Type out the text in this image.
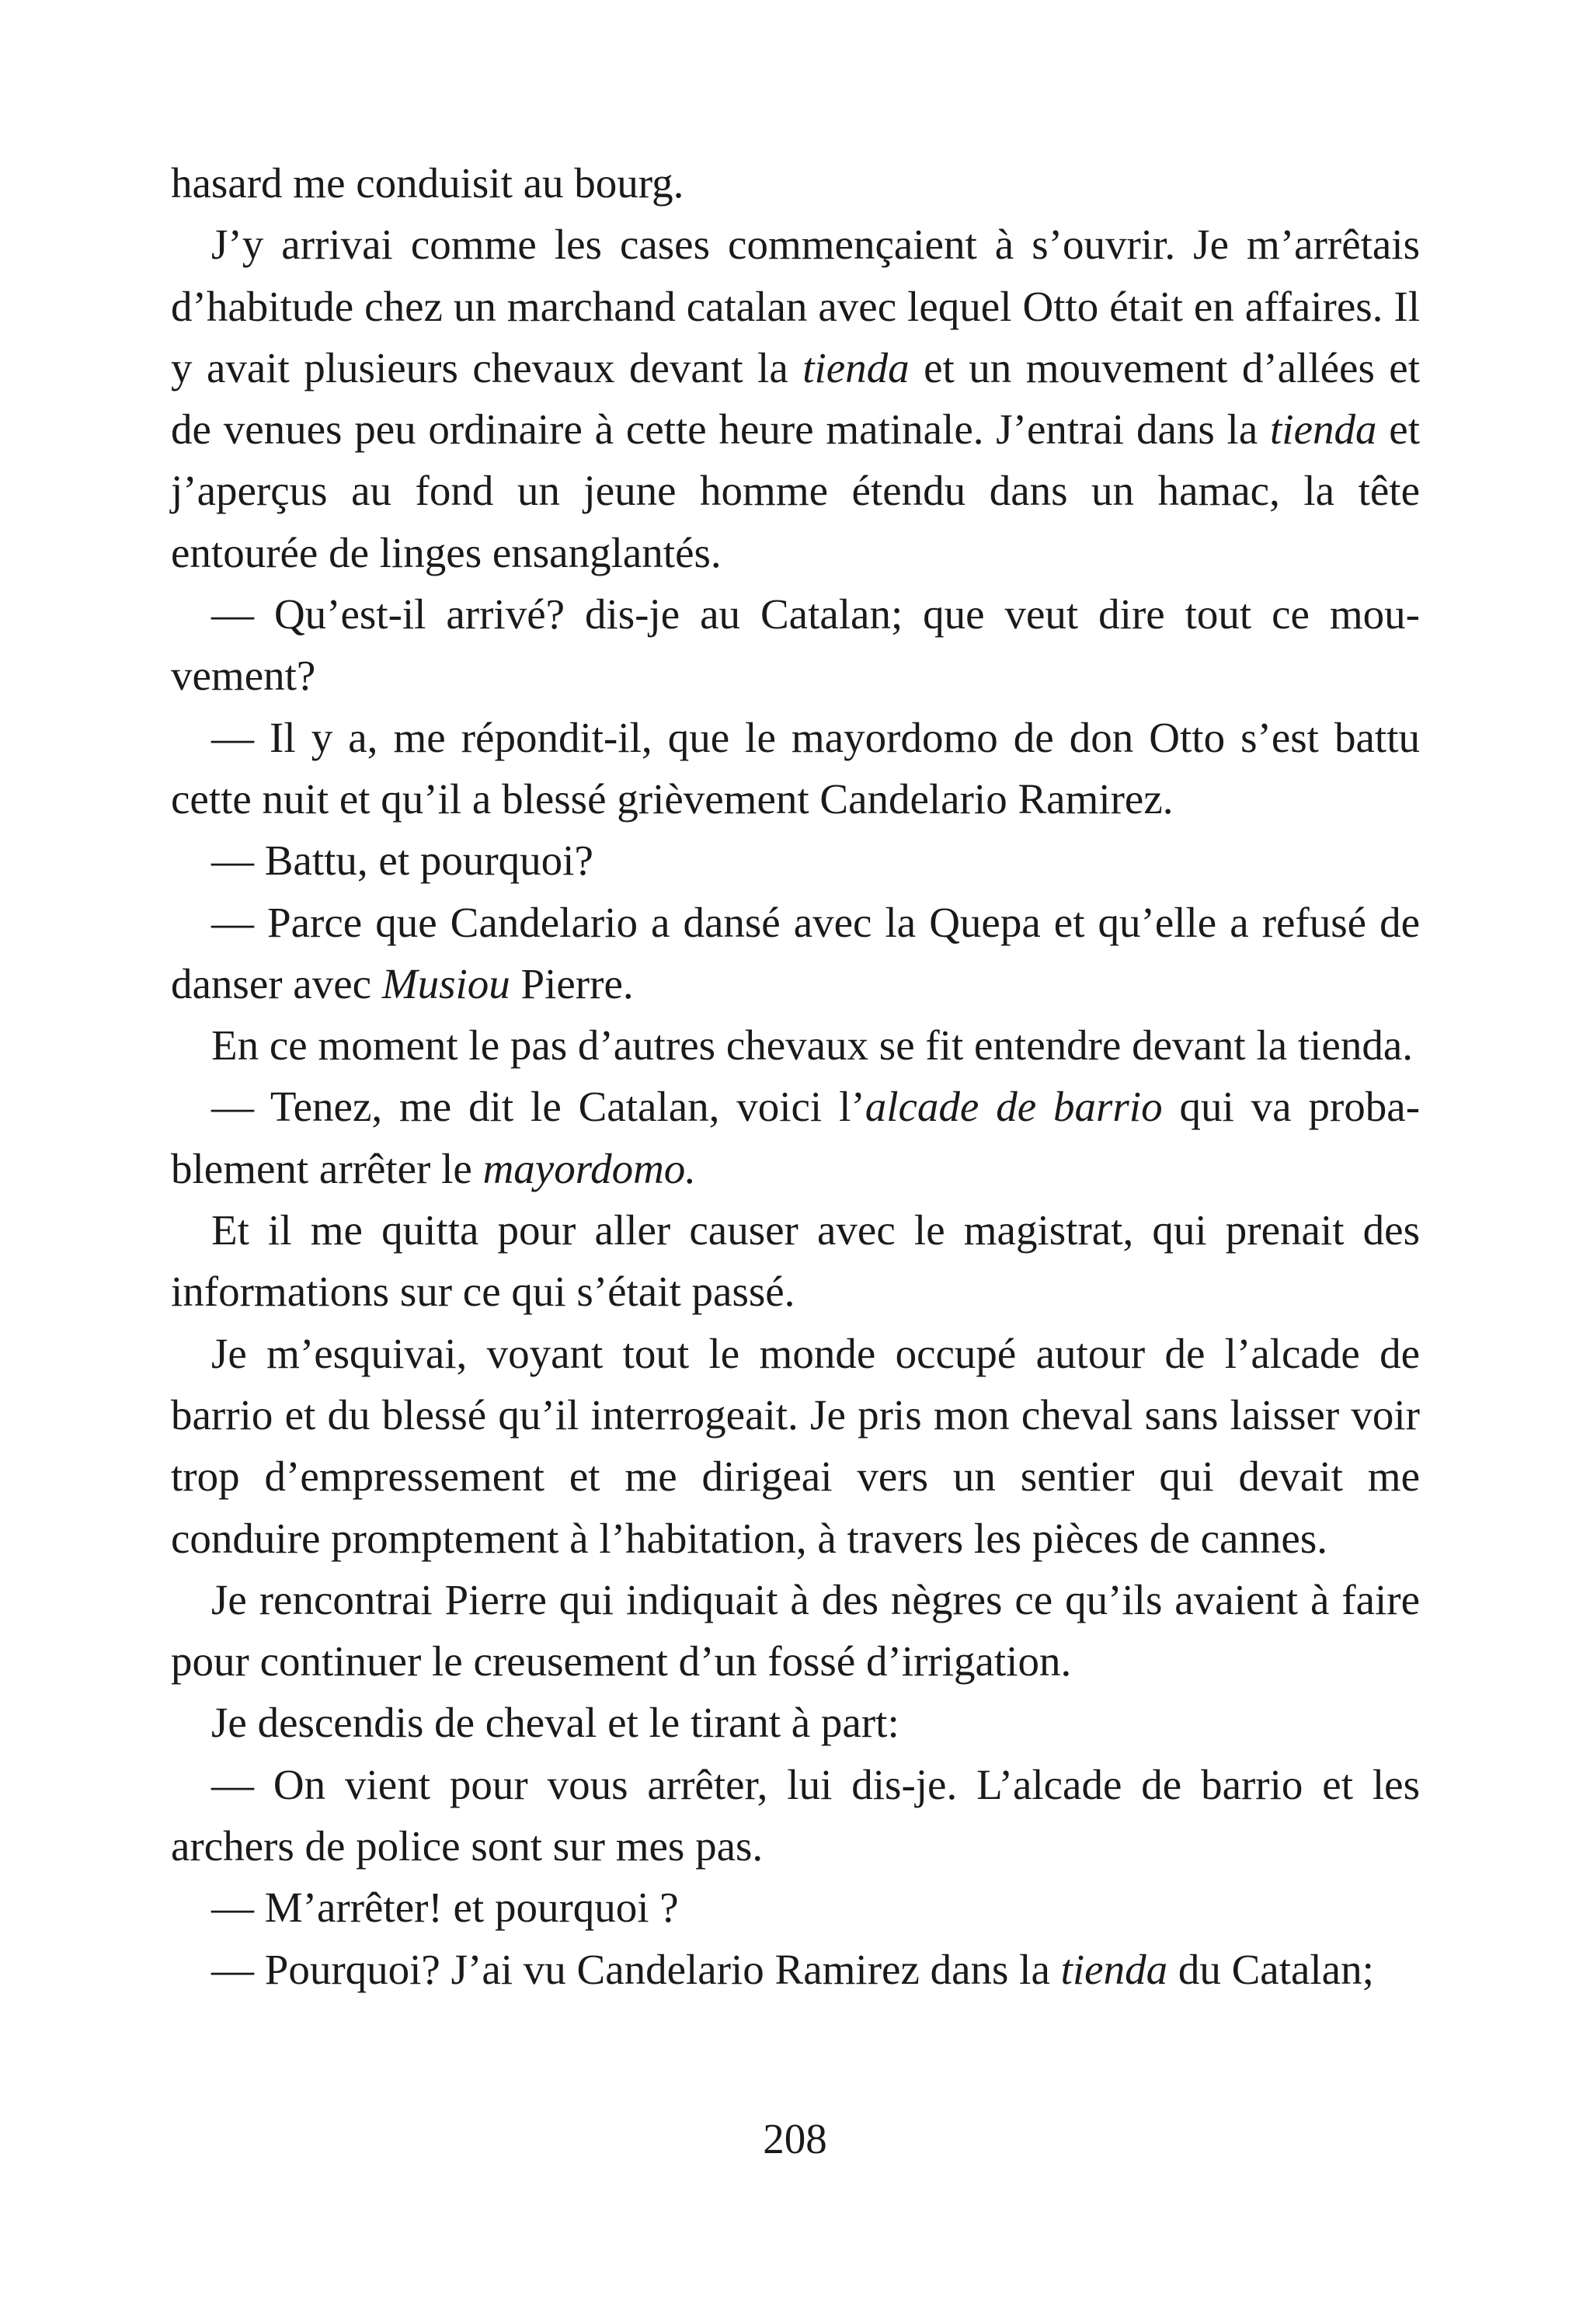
hasard me conduisit au bourg.

J’y arrivai comme les cases commençaient à s’ouvrir. Je m’arrêtais d’habitude chez un marchand catalan avec lequel Otto était en affaires. Il y avait plusieurs chevaux devant la tienda et un mouvement d’allées et de venues peu ordinaire à cette heure matinale. J’entrai dans la tienda et j’aperçus au fond un jeune homme étendu dans un hamac, la tête entourée de linges ensanglantés.

— Qu’est-il arrivé? dis-je au Catalan; que veut dire tout ce mouvement?

— Il y a, me répondit-il, que le mayordomo de don Otto s’est battu cette nuit et qu’il a blessé grièvement Candelario Ramirez.

— Battu, et pourquoi?

— Parce que Candelario a dansé avec la Quepa et qu’elle a refusé de danser avec Musiou Pierre.

En ce moment le pas d’autres chevaux se fit entendre devant la tienda.

— Tenez, me dit le Catalan, voici l’alcade de barrio qui va probablement arrêter le mayordomo.

Et il me quitta pour aller causer avec le magistrat, qui prenait des informations sur ce qui s’était passé.

Je m’esquivai, voyant tout le monde occupé autour de l’alcade de barrio et du blessé qu’il interrogeait. Je pris mon cheval sans laisser voir trop d’empressement et me dirigeai vers un sentier qui devait me conduire promptement à l’habitation, à travers les pièces de cannes.

Je rencontrai Pierre qui indiquait à des nègres ce qu’ils avaient à faire pour continuer le creusement d’un fossé d’irrigation.

Je descendis de cheval et le tirant à part:

— On vient pour vous arrêter, lui dis-je. L’alcade de barrio et les archers de police sont sur mes pas.

— M’arrêter! et pourquoi ?

— Pourquoi? J’ai vu Candelario Ramirez dans la tienda du Catalan;

208
